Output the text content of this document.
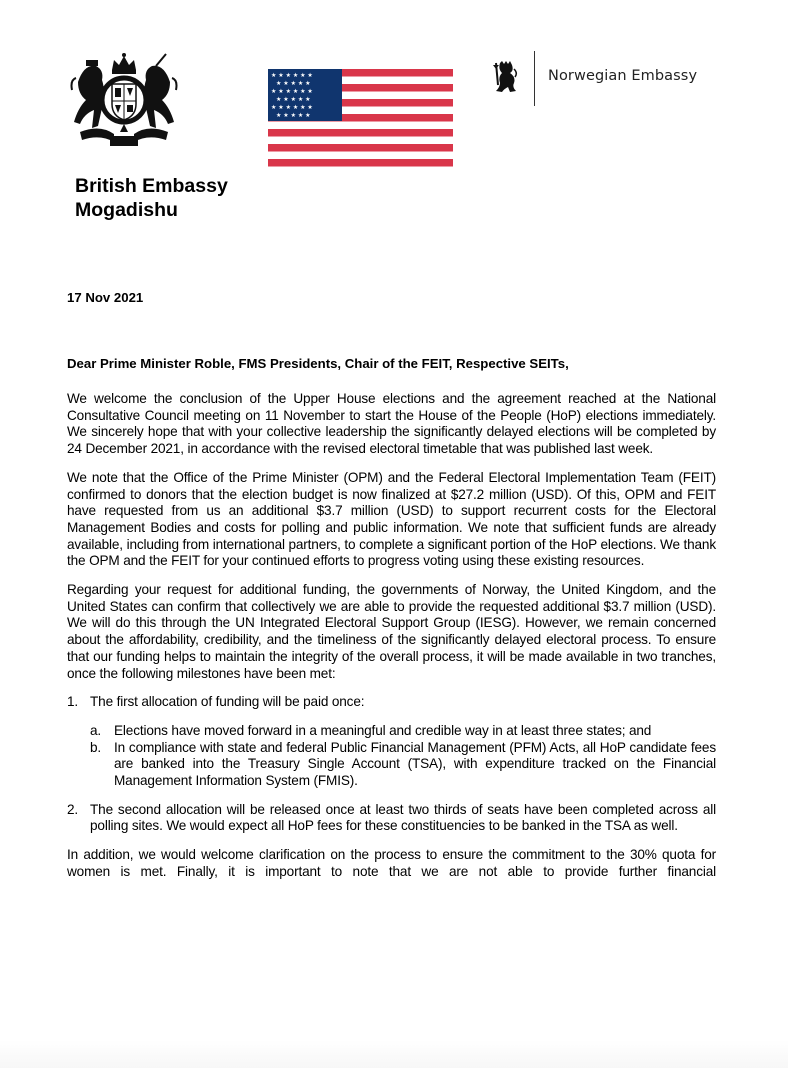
★ ★ ★ ★ ★ ★
★ ★ ★ ★ ★
★ ★ ★ ★ ★ ★
★ ★ ★ ★ ★
★ ★ ★ ★ ★ ★
★ ★ ★ ★ ★
Norwegian Embassy
British Embassy
Mogadishu
17 Nov 2021
Dear Prime Minister Roble, FMS Presidents, Chair of the FEIT, Respective SEITs,

We welcome the conclusion of the Upper House elections and the agreement reached at the National Consultative Council meeting on 11 November to start the House of the People (HoP) elections immediately. We sincerely hope that with your collective leadership the significantly delayed elections will be completed by 24 December 2021, in accordance with the revised electoral timetable that was published last week.

We note that the Office of the Prime Minister (OPM) and the Federal Electoral Implementation Team (FEIT) confirmed to donors that the election budget is now finalized at $27.2 million (USD). Of this, OPM and FEIT have requested from us an additional $3.7 million (USD) to support recurrent costs for the Electoral Management Bodies and costs for polling and public information. We note that sufficient funds are already available, including from international partners, to complete a significant portion of the HoP elections. We thank the OPM and the FEIT for your continued efforts to progress voting using these existing resources.

Regarding your request for additional funding, the governments of Norway, the United Kingdom, and the United States can confirm that collectively we are able to provide the requested additional $3.7 million (USD). We will do this through the UN Integrated Electoral Support Group (IESG). However, we remain concerned about the affordability, credibility, and the timeliness of the significantly delayed electoral process. To ensure that our funding helps to maintain the integrity of the overall process, it will be made available in two tranches, once the following milestones have been met:

1. The first allocation of funding will be paid once:
a. Elections have moved forward in a meaningful and credible way in at least three states; and
b. In compliance with state and federal Public Financial Management (PFM) Acts, all HoP candidate fees are banked into the Treasury Single Account (TSA), with expenditure tracked on the Financial Management Information System (FMIS).
2. The second allocation will be released once at least two thirds of seats have been completed across all polling sites. We would expect all HoP fees for these constituencies to be banked in the TSA as well.

In addition, we would welcome clarification on the process to ensure the commitment to the 30% quota for women is met. Finally, it is important to note that we are not able to provide further financial
